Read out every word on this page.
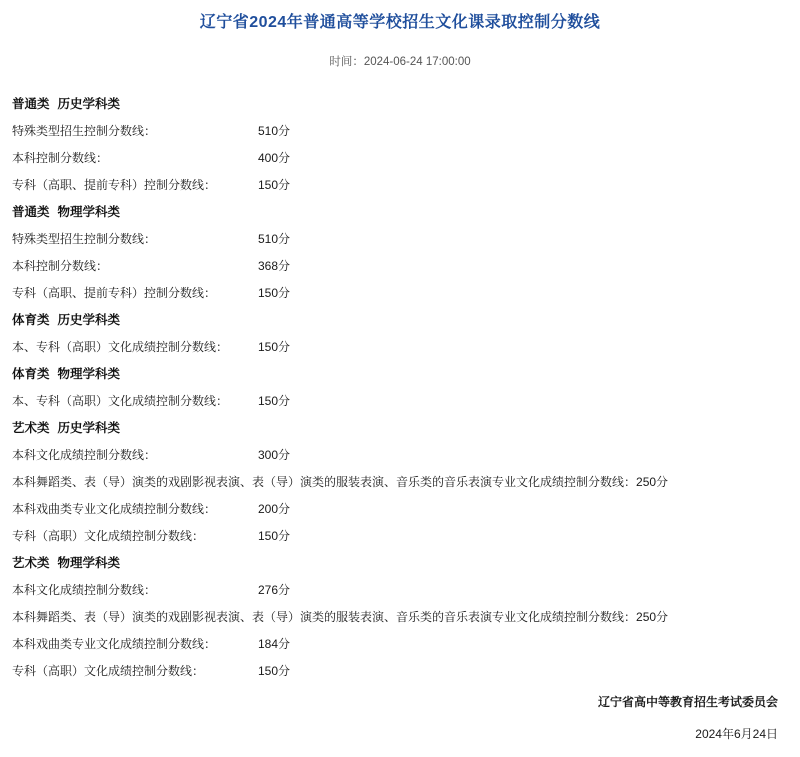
辽宁省2024年普通高等学校招生文化课录取控制分数线
时间：2024-06-24 17:00:00
普通类 历史学科类
特殊类型招生控制分数线：	510分
本科控制分数线：	400分
专科（高职、提前专科）控制分数线：	150分
普通类 物理学科类
特殊类型招生控制分数线：	510分
本科控制分数线：	368分
专科（高职、提前专科）控制分数线：	150分
体育类 历史学科类
本、专科（高职）文化成绩控制分数线： 150分
体育类 物理学科类
本、专科（高职）文化成绩控制分数线： 150分
艺术类 历史学科类
本科文化成绩控制分数线：	300分
本科舞蹈类、表（导）演类的戏剧影视表演、表（导）演类的服装表演、音乐类的音乐表演专业文化成绩控制分数线：250分
本科戏曲类专业文化成绩控制分数线：	200分
专科（高职）文化成绩控制分数线：	150分
艺术类 物理学科类
本科文化成绩控制分数线：	276分
本科舞蹈类、表（导）演类的戏剧影视表演、表（导）演类的服装表演、音乐类的音乐表演专业文化成绩控制分数线：250分
本科戏曲类专业文化成绩控制分数线：	184分
专科（高职）文化成绩控制分数线：	150分
辽宁省高中等教育招生考试委员会
2024年6月24日
